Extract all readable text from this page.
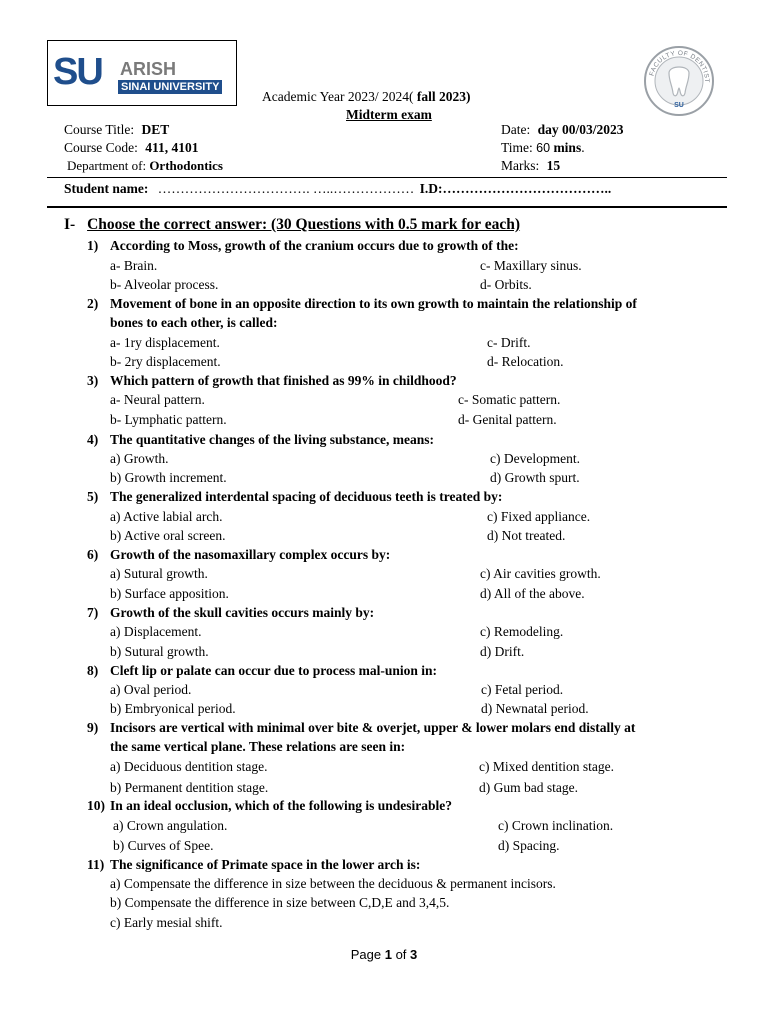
SU ARISH
SINAI UNIVERSITY
FACULTY OF DENTIST
SU
Academic Year 2023/ 2024( fall 2023)
Midterm exam
Course Title: DET
Course Code: 411, 4101
Department of: Orthodontics
Date: day 00/03/2023
Time: 60 mins.
Marks: 15
Student name: ……………………………. …..……………… I.D:………………………………..
I- Choose the correct answer: (30 Questions with 0.5 mark for each)
1) According to Moss, growth of the cranium occurs due to growth of the:
a- Brain.
b- Alveolar process.
c- Maxillary sinus.
d- Orbits.
2) Movement of bone in an opposite direction to its own growth to maintain the relationship of
bones to each other, is called:
a- 1ry displacement.
b- 2ry displacement.
c- Drift.
d- Relocation.
3) Which pattern of growth that finished as 99% in childhood?
a- Neural pattern.
b- Lymphatic pattern.
c- Somatic pattern.
d- Genital pattern.
4) The quantitative changes of the living substance, means:
a) Growth.
b) Growth increment.
c) Development.
d) Growth spurt.
5) The generalized interdental spacing of deciduous teeth is treated by:
a) Active labial arch.
b) Active oral screen.
c) Fixed appliance.
d) Not treated.
6) Growth of the nasomaxillary complex occurs by:
a) Sutural growth.
b) Surface apposition.
c) Air cavities growth.
d) All of the above.
7) Growth of the skull cavities occurs mainly by:
a) Displacement.
b) Sutural growth.
c) Remodeling.
d) Drift.
8) Cleft lip or palate can occur due to process mal-union in:
a) Oval period.
b) Embryonical period.
c) Fetal period.
d) Newnatal period.
9) Incisors are vertical with minimal over bite & overjet, upper & lower molars end distally at
the same vertical plane. These relations are seen in:
a) Deciduous dentition stage.
b) Permanent dentition stage.
c) Mixed dentition stage.
d) Gum bad stage.
10) In an ideal occlusion, which of the following is undesirable?
a) Crown angulation.
b) Curves of Spee.
c) Crown inclination.
d) Spacing.
11) The significance of Primate space in the lower arch is:
a) Compensate the difference in size between the deciduous & permanent incisors.
b) Compensate the difference in size between C,D,E and 3,4,5.
c) Early mesial shift.
Page 1 of 3
